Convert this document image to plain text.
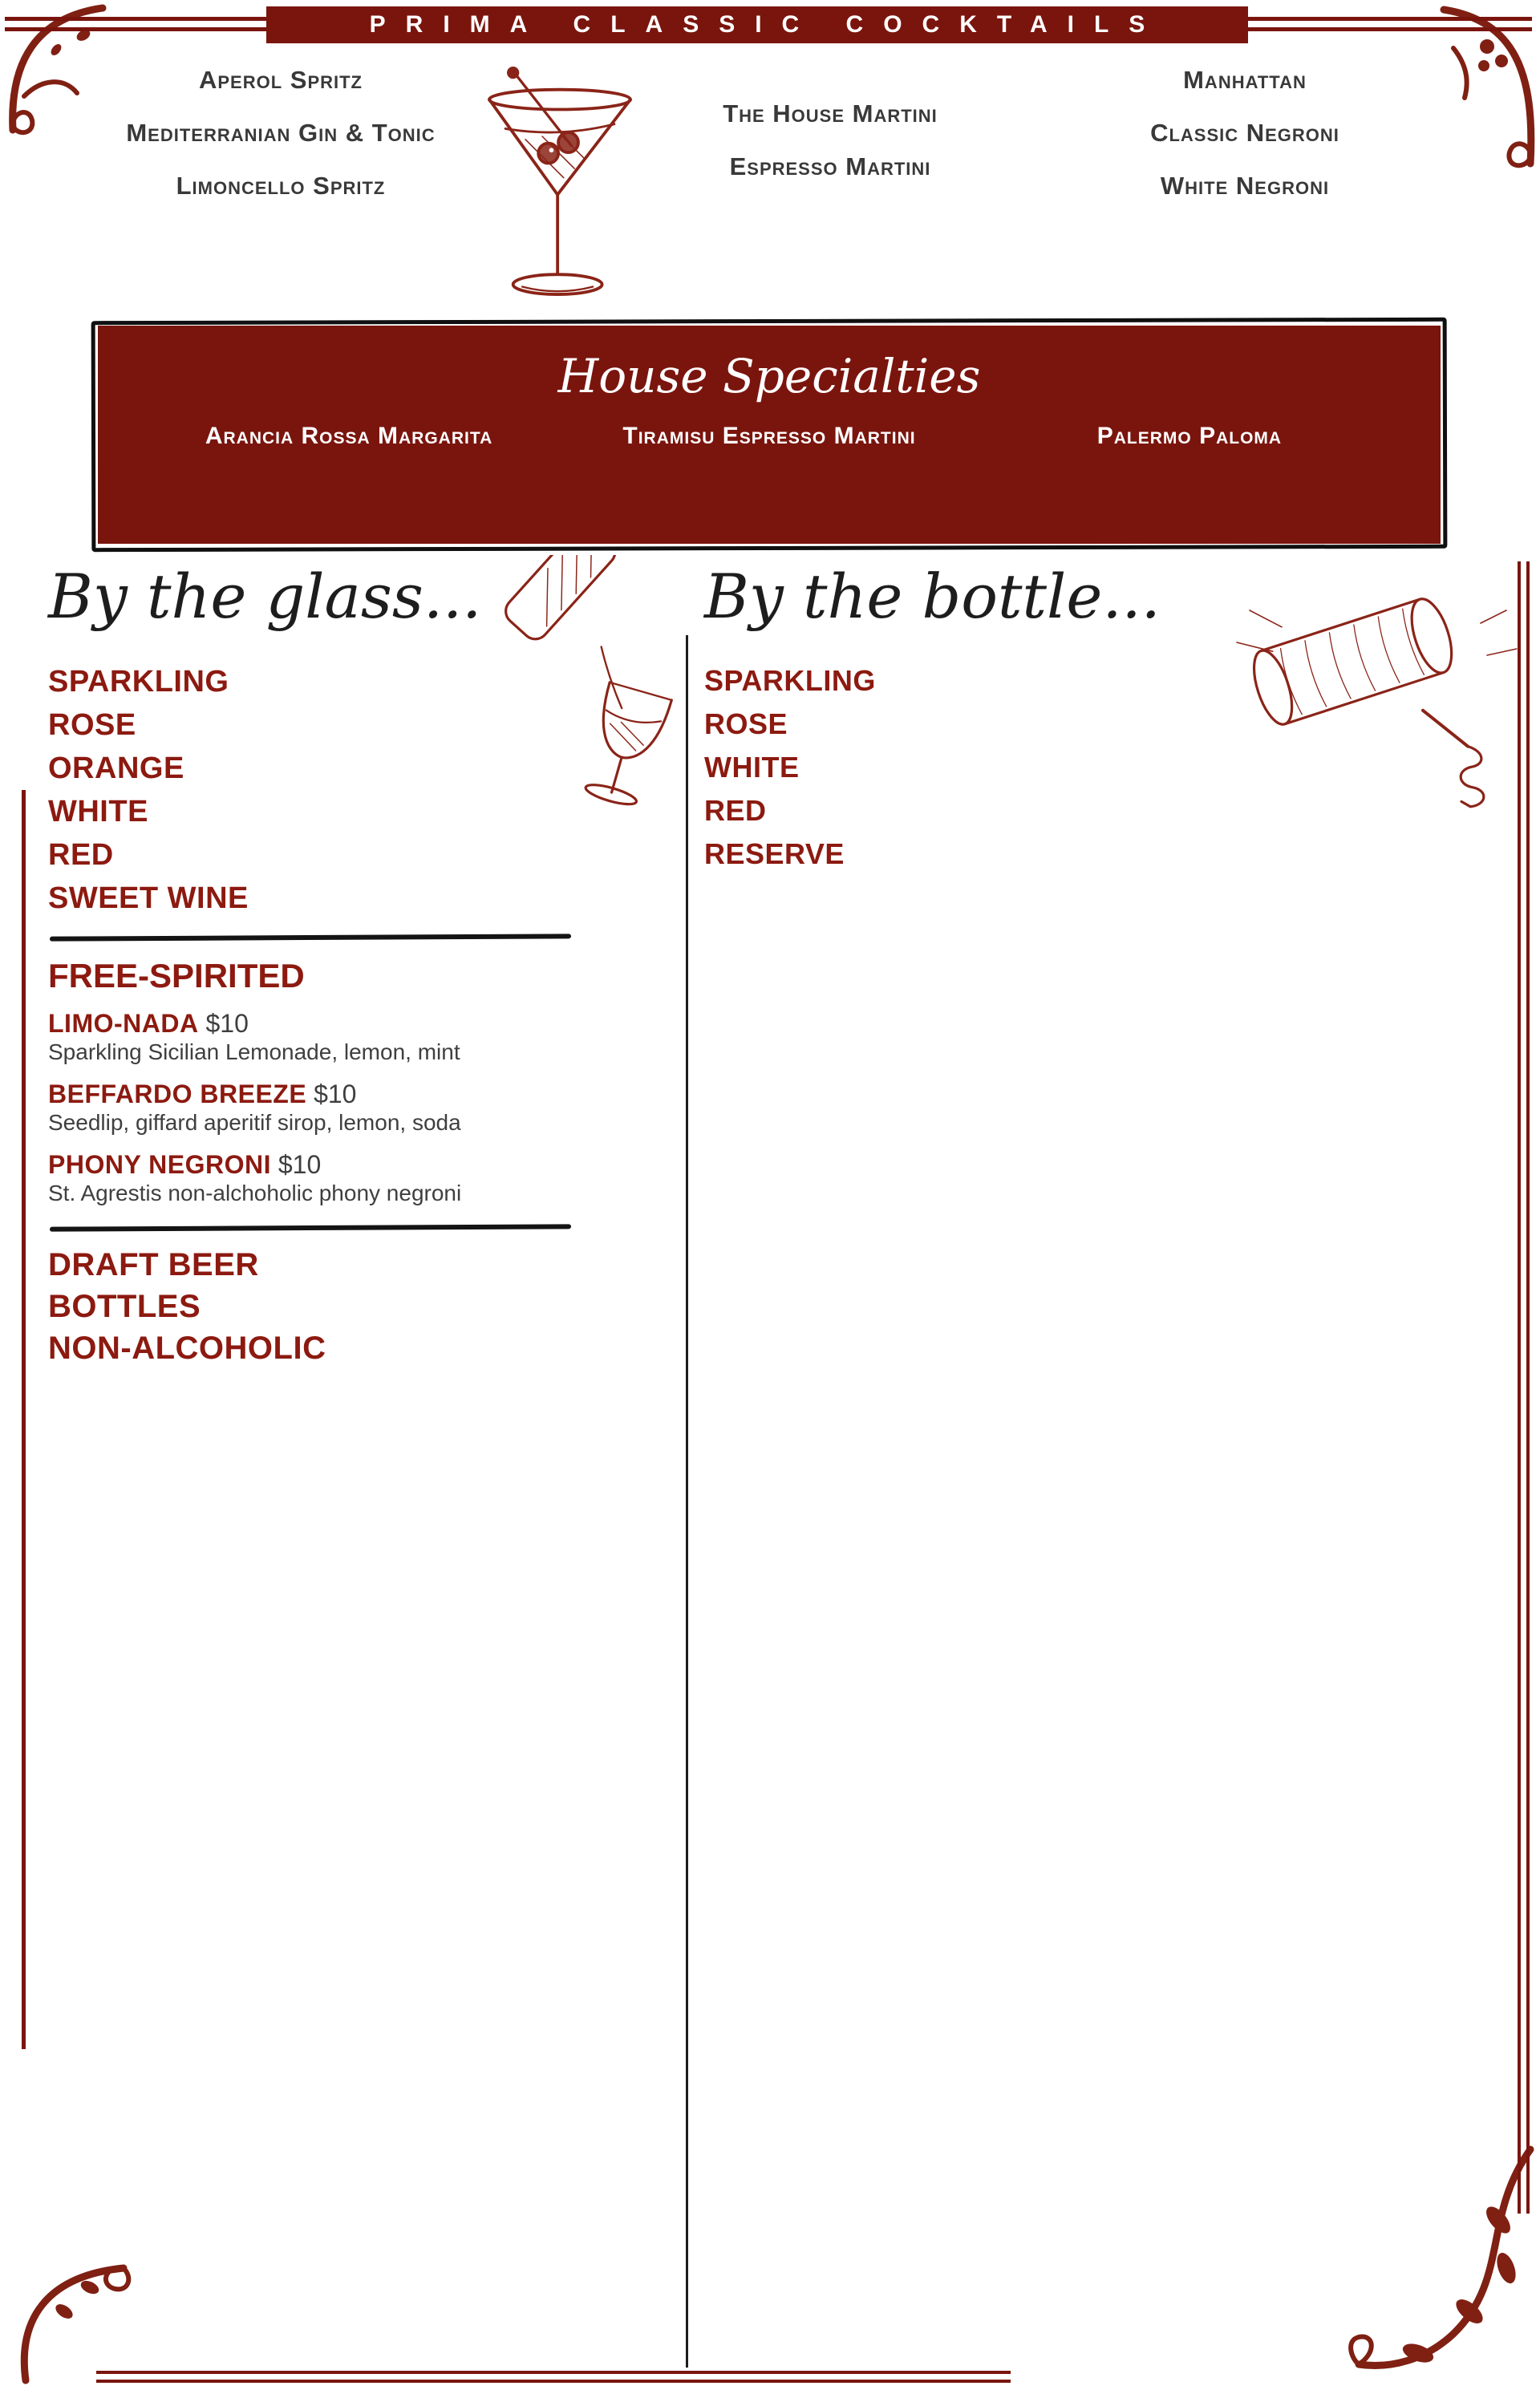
PRIMA CLASSIC COCKTAILS
Aperol Spritz
Mediterranian Gin & Tonic
Limoncello Spritz
The House Martini
Espresso Martini
Manhattan
Classic Negroni
White Negroni
House Specialties
Arancia Rossa Margarita	Tiramisu Espresso Martini	Palermo Paloma
By the glass...
SPARKLING
ROSE
ORANGE
WHITE
RED
SWEET WINE
FREE-SPIRITED
LIMO-NADA $10
Sparkling Sicilian Lemonade, lemon, mint
BEFFARDO BREEZE $10
Seedlip, giffard aperitif sirop, lemon, soda
PHONY NEGRONI $10
St. Agrestis non-alchoholic phony negroni
DRAFT BEER
BOTTLES
NON-ALCOHOLIC
By the bottle...
SPARKLING
ROSE
WHITE
RED
RESERVE
